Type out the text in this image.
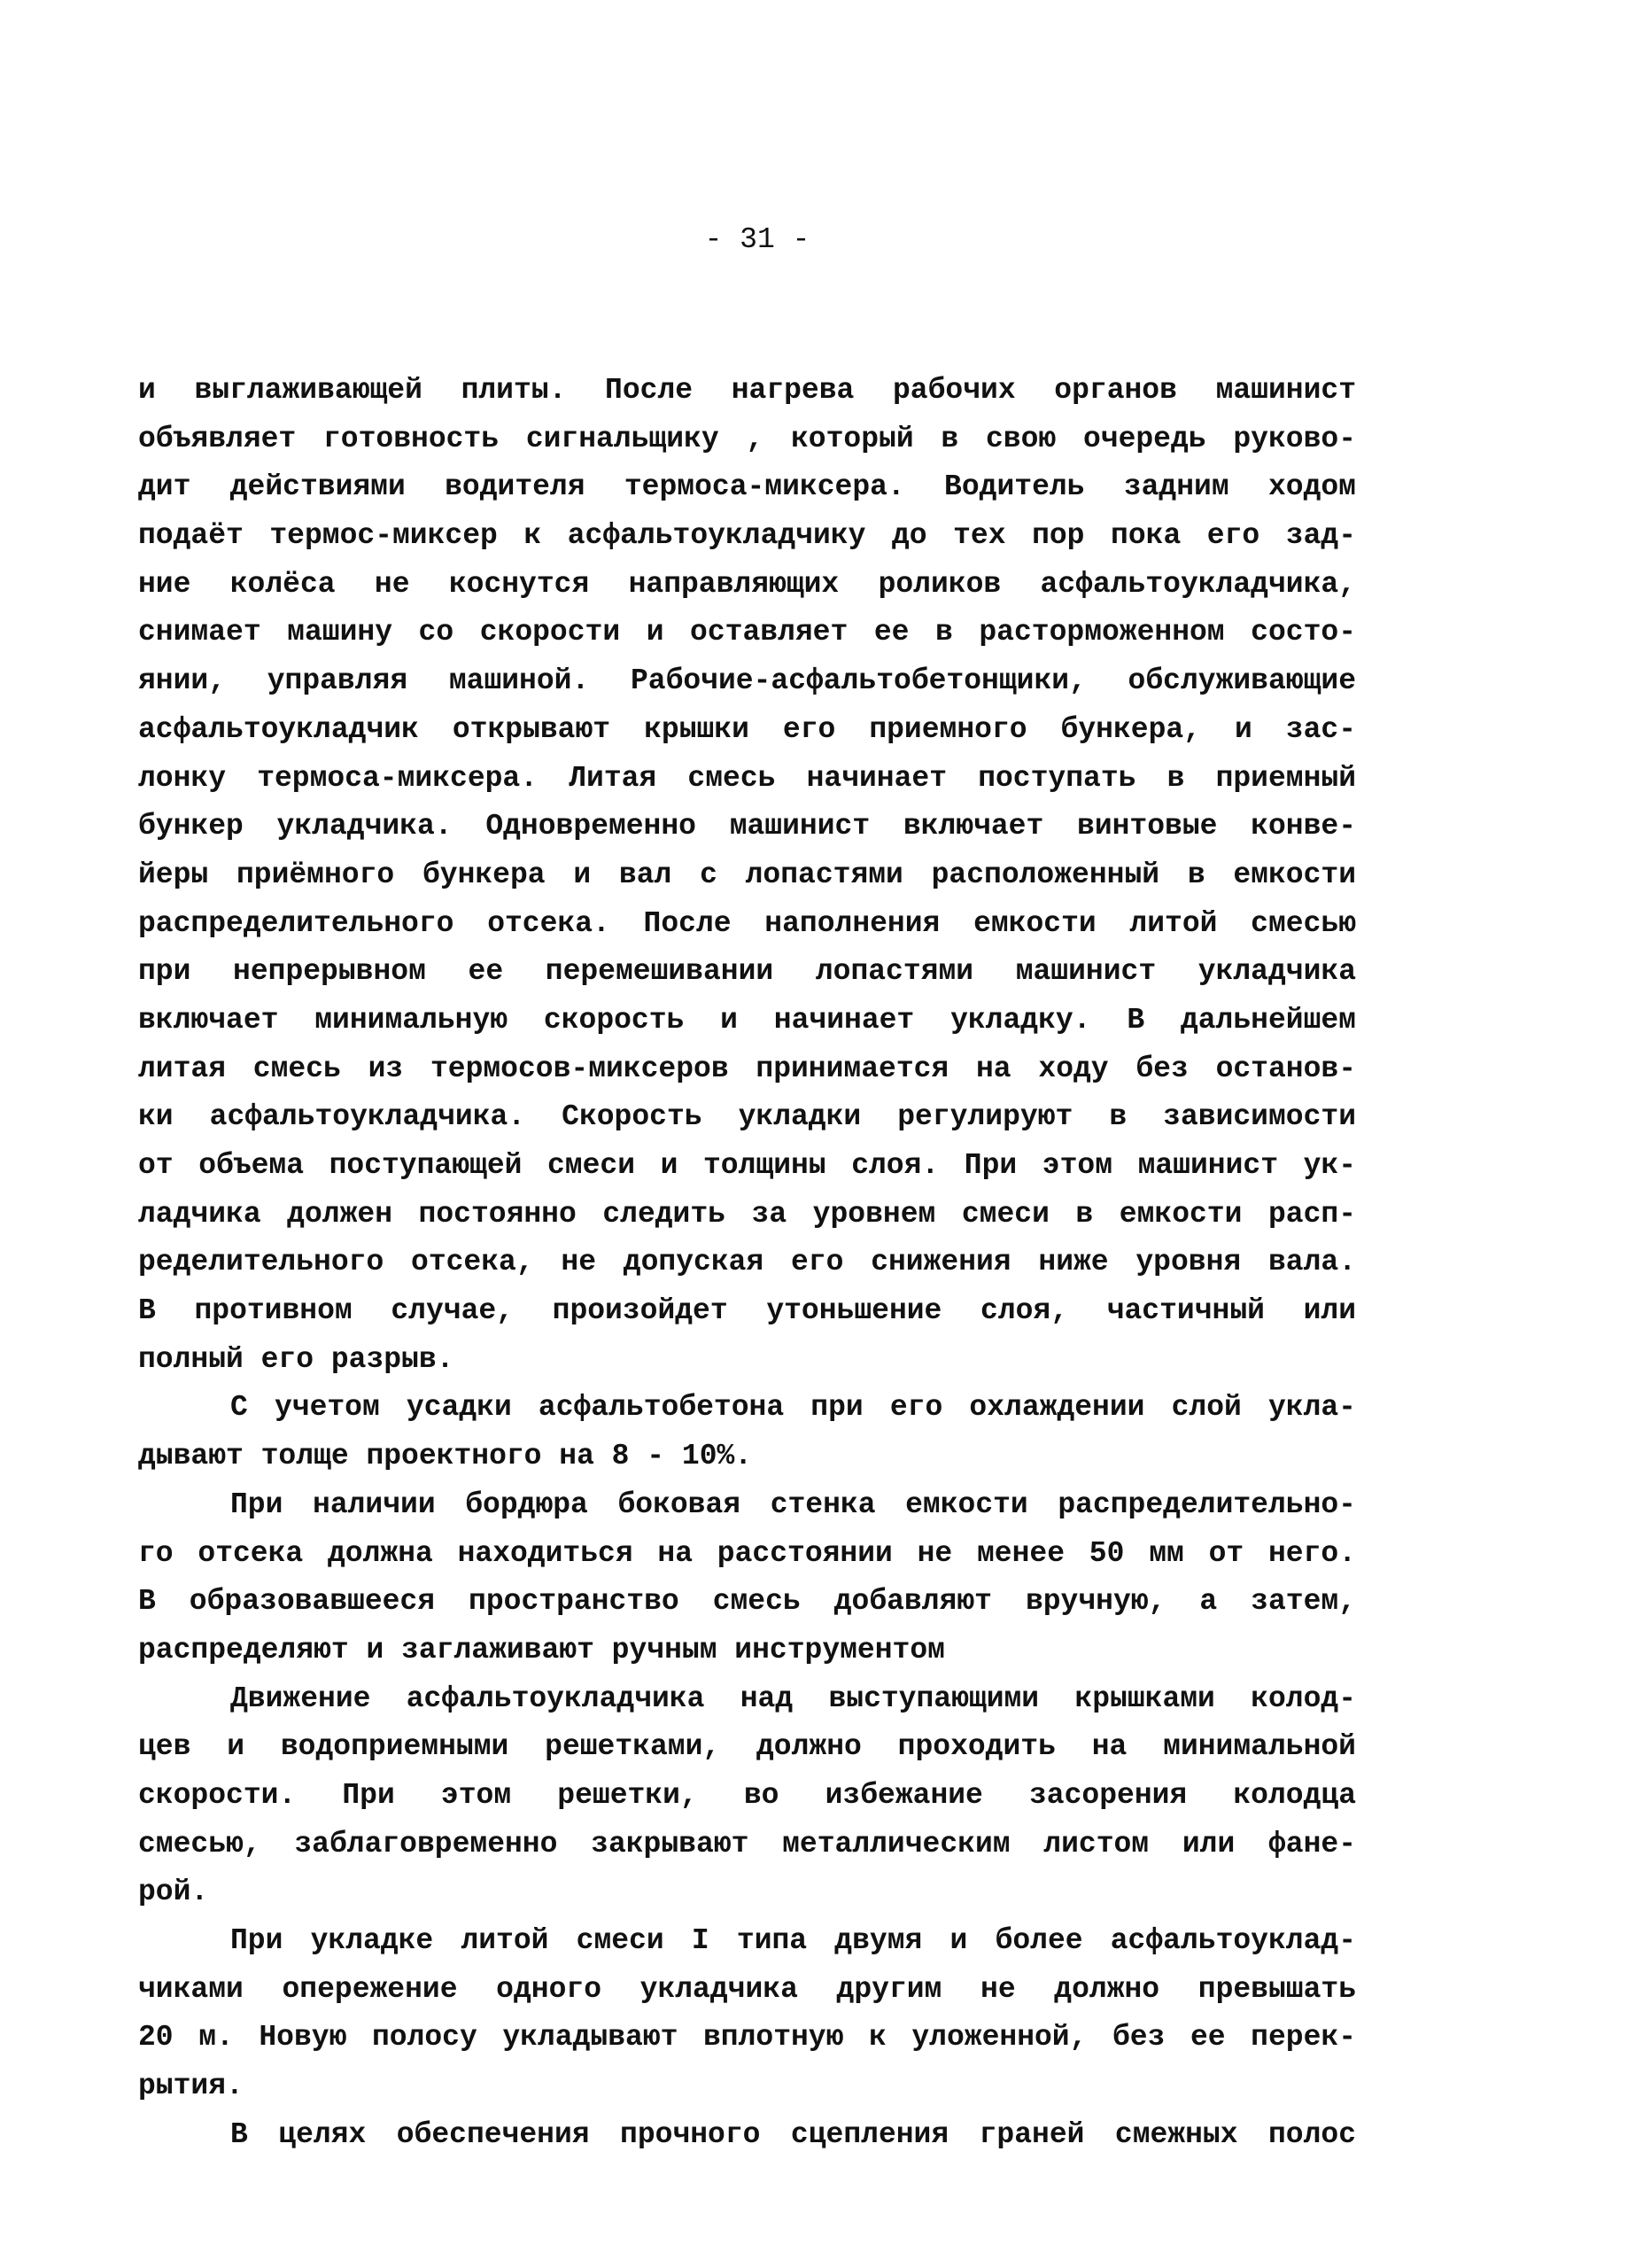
- 31 -
и выглаживающей плиты. После нагрева рабочих органов машинист
объявляет готовность сигнальщику , который в свою очередь руково-
дит действиями водителя термоса-миксера. Водитель задним ходом
подаёт термос-миксер к асфальтоукладчику до тех пор пока его зад-
ние колёса не коснутся направляющих роликов асфальтоукладчика,
снимает машину со скорости и оставляет ее в расторможенном состо-
янии, управляя машиной. Рабочие-асфальтобетонщики, обслуживающие
асфальтоукладчик открывают крышки его приемного бункера, и зас-
лонку термоса-миксера. Литая смесь начинает поступать в приемный
бункер укладчика. Одновременно машинист включает винтовые конве-
йеры приёмного бункера и вал с лопастями расположенный в емкости
распределительного отсека. После наполнения емкости литой смесью
при непрерывном ее перемешивании лопастями машинист укладчика
включает минимальную скорость и начинает укладку. В дальнейшем
литая смесь из термосов-миксеров принимается на ходу без останов-
ки асфальтоукладчика. Скорость укладки регулируют в зависимости
от объема поступающей смеси и толщины слоя. При этом машинист ук-
ладчика должен постоянно следить за уровнем смеси в емкости расп-
ределительного отсека, не допуская его снижения ниже уровня вала.
В противном случае, произойдет утоньшение слоя, частичный или
полный его разрыв.
С учетом усадки асфальтобетона при его охлаждении слой укла-
дывают толще проектного на 8 - 10%.
При наличии бордюра боковая стенка емкости распределительно-
го отсека должна находиться на расстоянии не менее 50 мм от него.
В образовавшееся пространство смесь добавляют вручную, а затем,
распределяют и заглаживают ручным инструментом
Движение асфальтоукладчика над выступающими крышками колод-
цев и водоприемными решетками, должно проходить на минимальной
скорости. При этом решетки, во избежание засорения колодца
смесью, заблаговременно закрывают металлическим листом или фане-
рой.
При укладке литой смеси I типа двумя и более асфальтоуклад-
чиками опережение одного укладчика другим не должно превышать
20 м. Новую полосу укладывают вплотную к уложенной, без ее перек-
рытия.
В целях обеспечения прочного сцепления граней смежных полос
